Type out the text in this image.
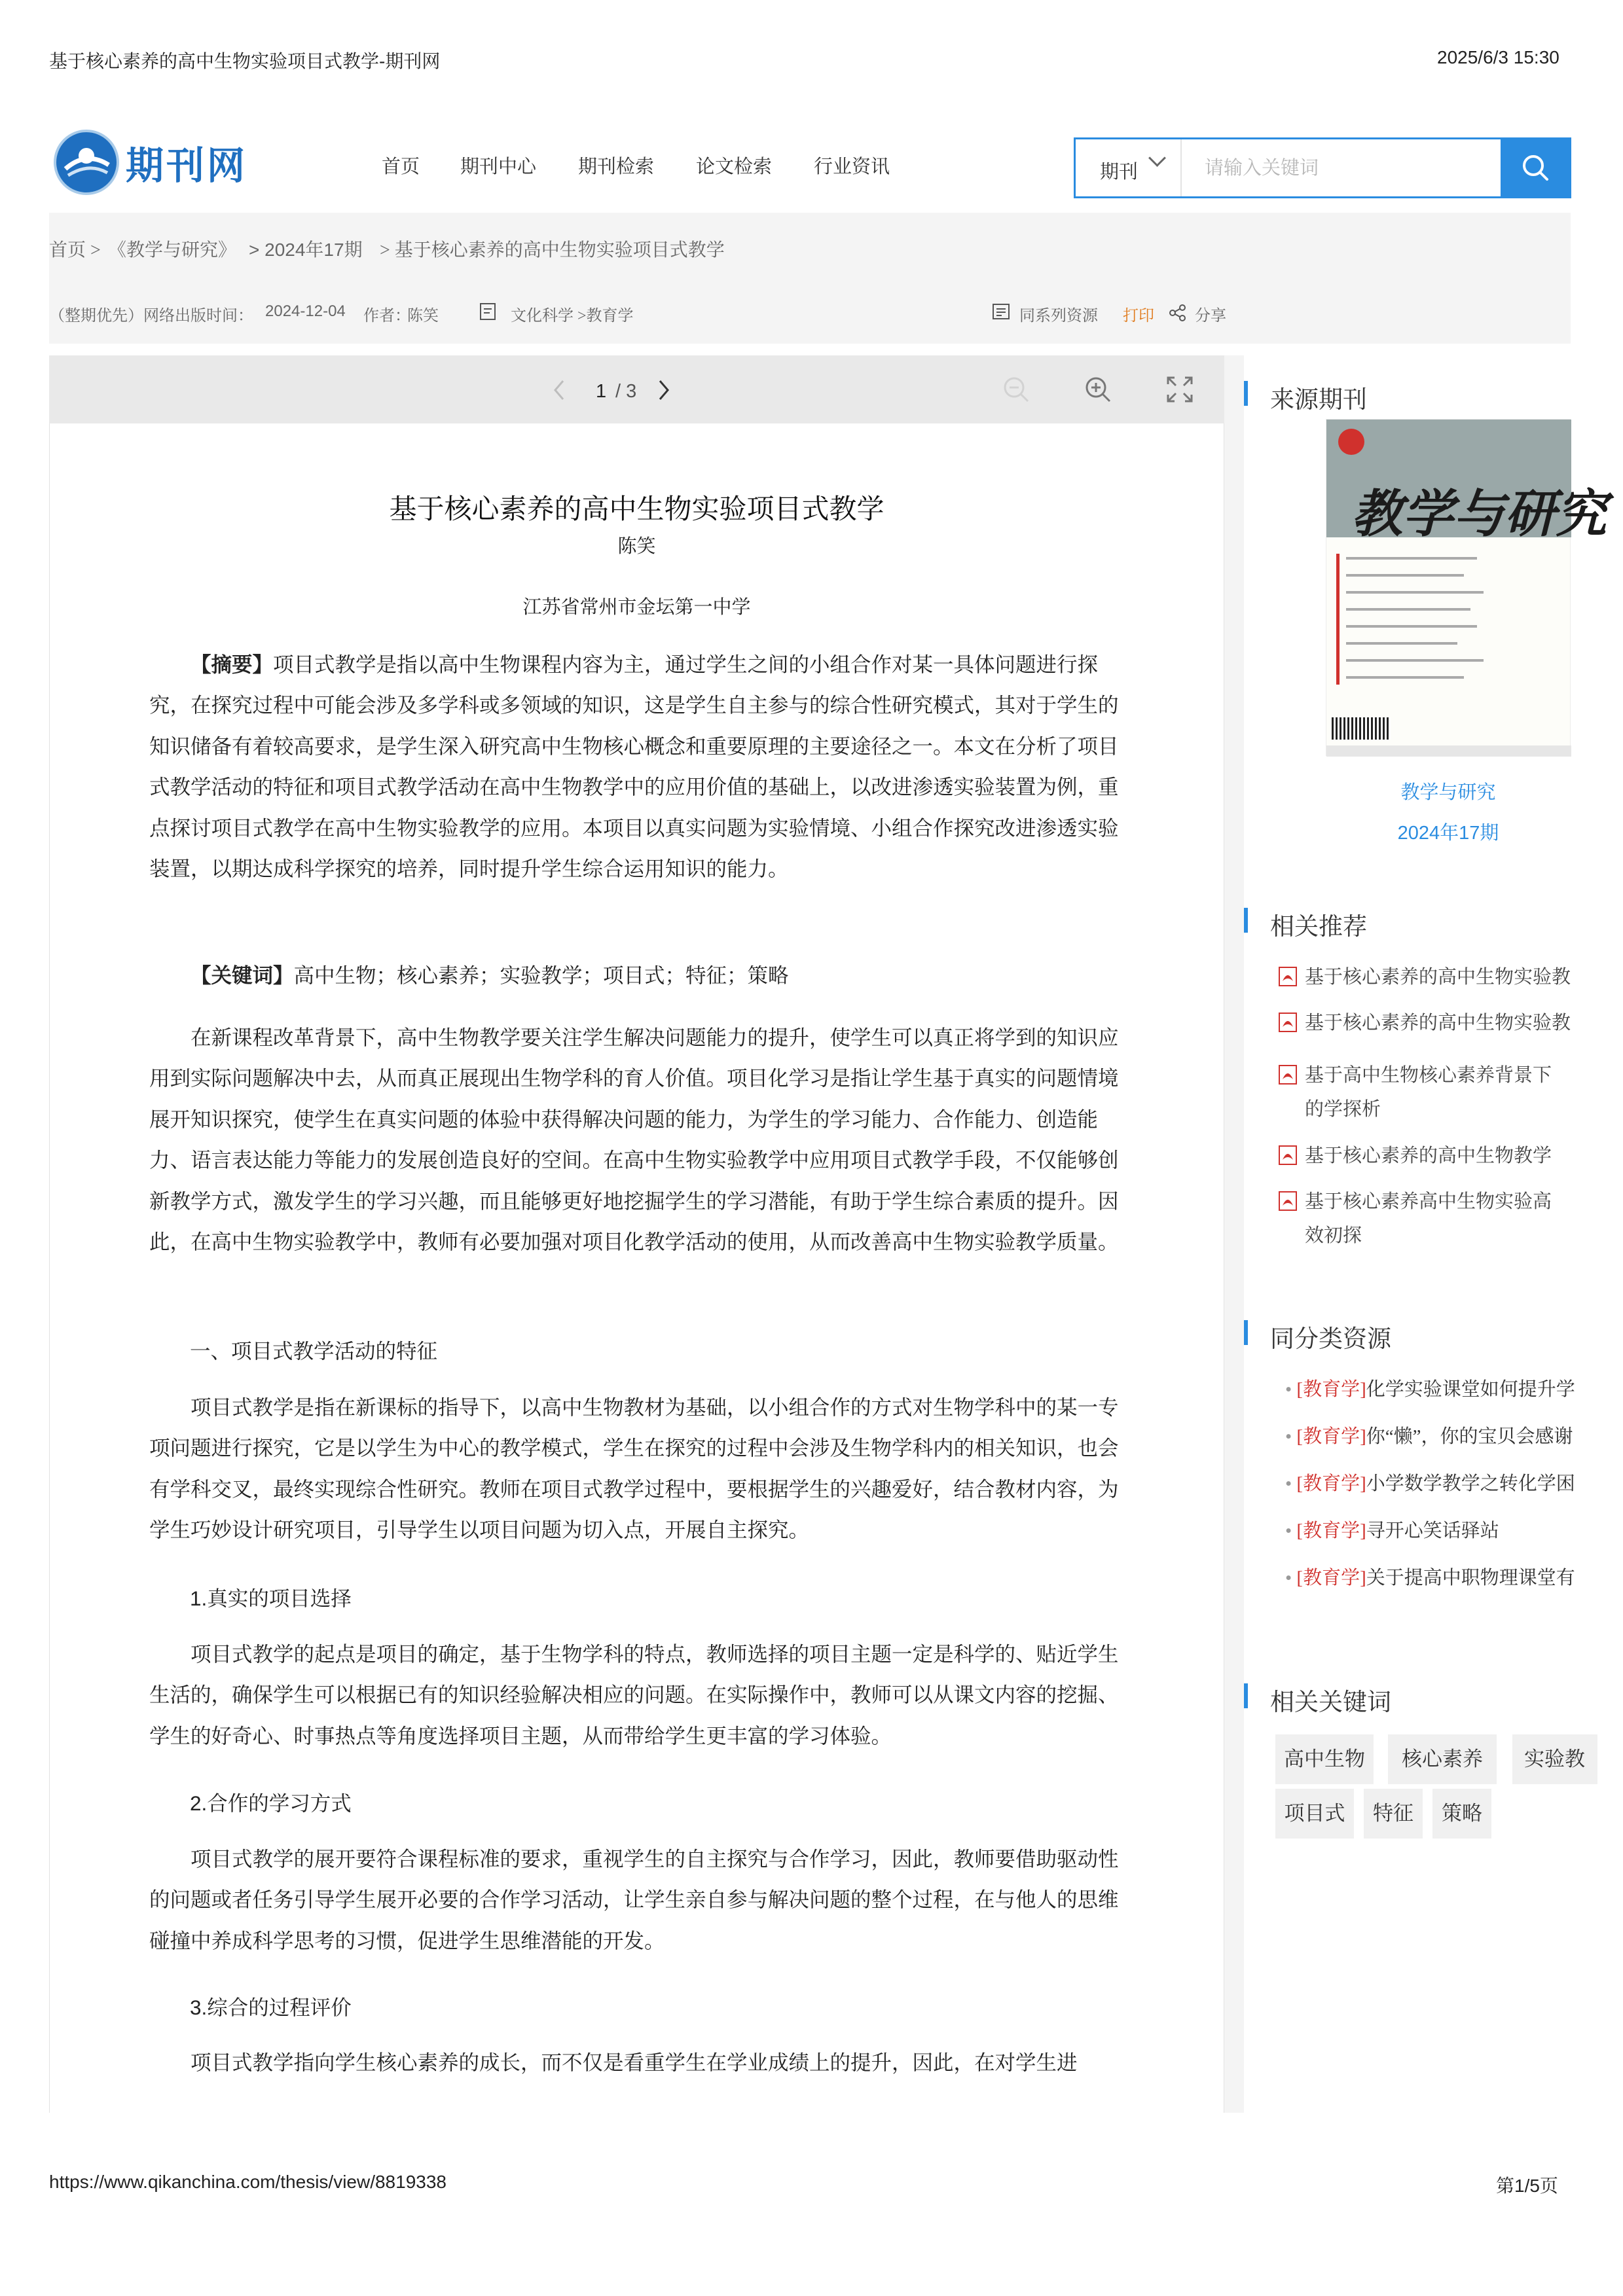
基于核心素养的高中生物实验项目式教学-期刊网	2025/6/3 15:30
期刊网	首页 期刊中心 期刊检索 论文检索 行业资讯	期刊
请输入关键词
首页 > 《教学与研究》 > 2024年17期 > 基于核心素养的高中生物实验项目式教学
（整期优先）网络出版时间： 2024-12-04 作者：
陈笑	文化科学 >教育学	同系列资源 打印	分享
1 / 3
基于核心素养的高中生物实验项目式教学
陈笑
江苏省常州市金坛第一中学
【摘要】项目式教学是指以高中生物课程内容为主，通过学生之间的小组合作对某一具体问题进行探究，在探究过程中可能会涉及多学科或多领域的知识，这是学生自主参与的综合性研究模式，其对于学生的知识储备有着较高要求，是学生深入研究高中生物核心概念和重要原理的主要途径之一。本文在分析了项目式教学活动的特征和项目式教学活动在高中生物教学中的应用价值的基础上，以改进渗透实验装置为例，重点探讨项目式教学在高中生物实验教学的应用。本项目以真实问题为实验情境、小组合作探究改进渗透实验装置，以期达成科学探究的培养，同时提升学生综合运用知识的能力。
【关键词】高中生物；核心素养；实验教学；项目式；特征；策略
在新课程改革背景下，高中生物教学要关注学生解决问题能力的提升，使学生可以真正将学到的知识应用到实际问题解决中去，从而真正展现出生物学科的育人价值。项目化学习是指让学生基于真实的问题情境展开知识探究，使学生在真实问题的体验中获得解决问题的能力，为学生的学习能力、合作能力、创造能力、语言表达能力等能力的发展创造良好的空间。在高中生物实验教学中应用项目式教学手段，不仅能够创新教学方式，激发学生的学习兴趣，而且能够更好地挖掘学生的学习潜能，有助于学生综合素质的提升。因此，在高中生物实验教学中，教师有必要加强对项目化教学活动的使用，从而改善高中生物实验教学质量。
一、项目式教学活动的特征
项目式教学是指在新课标的指导下，以高中生物教材为基础，以小组合作的方式对生物学科中的某一专项问题进行探究，它是以学生为中心的教学模式，学生在探究的过程中会涉及生物学科内的相关知识，也会有学科交叉，最终实现综合性研究。教师在项目式教学过程中，要根据学生的兴趣爱好，结合教材内容，为学生巧妙设计研究项目，引导学生以项目问题为切入点，开展自主探究。
1.真实的项目选择
项目式教学的起点是项目的确定，基于生物学科的特点，教师选择的项目主题一定是科学的、贴近学生生活的，确保学生可以根据已有的知识经验解决相应的问题。在实际操作中，教师可以从课文内容的挖掘、学生的好奇心、时事热点等角度选择项目主题，从而带给学生更丰富的学习体验。
2.合作的学习方式
项目式教学的展开要符合课程标准的要求，重视学生的自主探究与合作学习，因此，教师要借助驱动性的问题或者任务引导学生展开必要的合作学习活动，让学生亲自参与解决问题的整个过程，在与他人的思维碰撞中养成科学思考的习惯，促进学生思维潜能的开发。
3.综合的过程评价
项目式教学指向学生核心素养的成长，而不仅是看重学生在学业成绩上的提升，因此，在对学生进
来源期刊
教学与研究
教学与研究
2024年17期
相关推荐
基于核心素养的高中生物实验教
基于核心素养的高中生物实验教
基于高中生物核心素养背景下的学探析
基于核心素养的高中生物教学
基于核心素养高中生物实验高效初探
同分类资源
• [教育学]化学实验课堂如何提升学
• [教育学]你“懒”，你的宝贝会感谢
• [教育学]小学数学教学之转化学困
• [教育学]寻开心笑话驿站
• [教育学]关于提高中职物理课堂有
相关关键词
高中生物	核心素养	实验教
项目式	特征	策略
https://www.qikanchina.com/thesis/view/8819338	第1/5页
